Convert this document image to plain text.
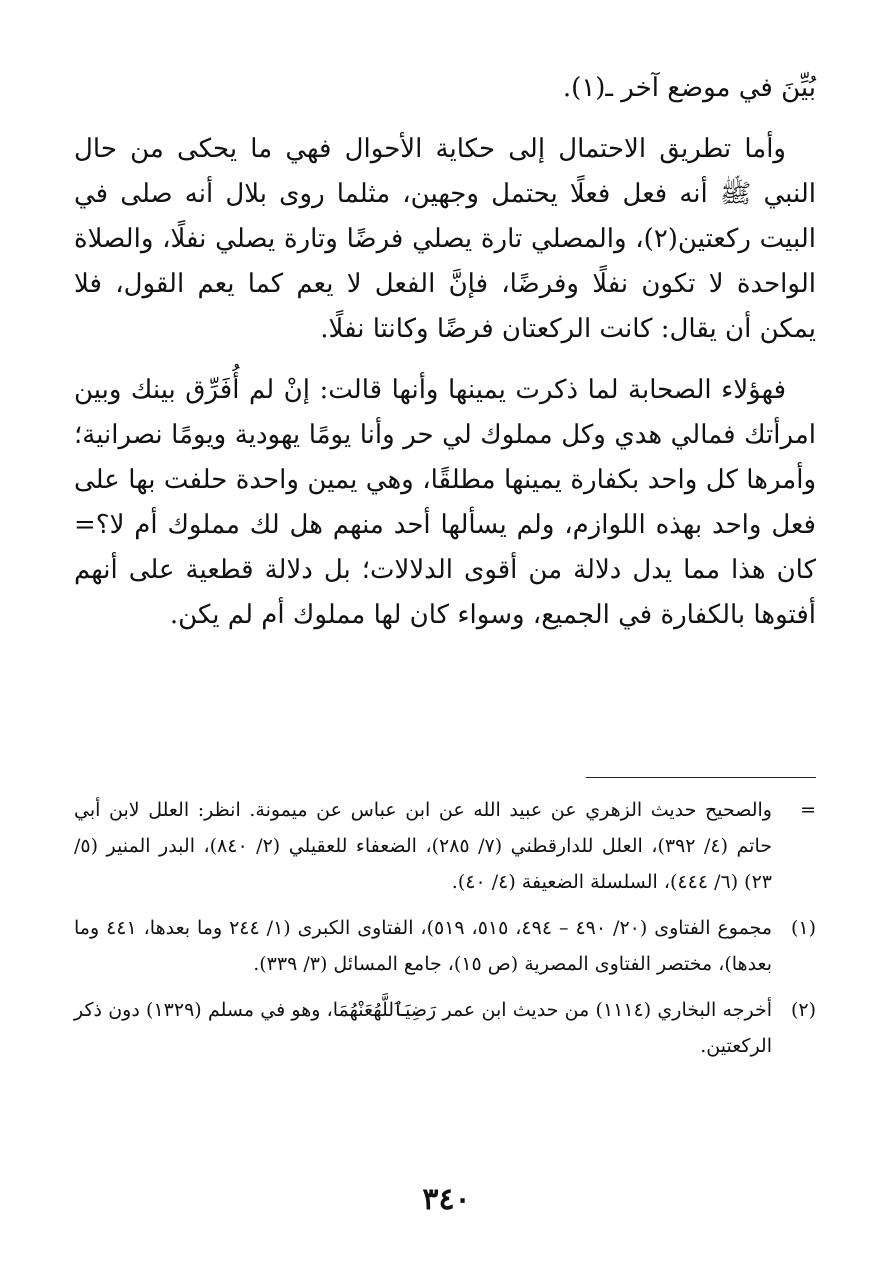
بُيِّنَ في موضع آخر ـ(١).

وأما تطريق الاحتمال إلى حكاية الأحوال فهي ما يحكى من حال النبي ﷺ أنه فعل فعلًا يحتمل وجهين، مثلما روى بلال أنه صلى في البيت ركعتين(٢)، والمصلي تارة يصلي فرضًا وتارة يصلي نفلًا، والصلاة الواحدة لا تكون نفلًا وفرضًا، فإنَّ الفعل لا يعم كما يعم القول، فلا يمكن أن يقال: كانت الركعتان فرضًا وكانتا نفلًا.

فهؤلاء الصحابة لما ذكرت يمينها وأنها قالت: إنْ لم أُفَرِّق بينك وبين امرأتك فمالي هدي وكل مملوك لي حر وأنا يومًا يهودية ويومًا نصرانية؛ وأمرها كل واحد بكفارة يمينها مطلقًا، وهي يمين واحدة حلفت بها على فعل واحد بهذه اللوازم، ولم يسألها أحد منهم هل لك مملوك أم لا؟= كان هذا مما يدل دلالة من أقوى الدلالات؛ بل دلالة قطعية على أنهم أفتوها بالكفارة في الجميع، وسواء كان لها مملوك أم لم يكن.

=
والصحيح حديث الزهري عن عبيد الله عن ابن عباس عن ميمونة. انظر: العلل لابن أبي حاتم (٤/ ٣٩٢)، العلل للدارقطني (٧/ ٢٨٥)، الضعفاء للعقيلي (٢/ ٨٤٠)، البدر المنير (٥/ ٢٣) (٦/ ٤٤٤)، السلسلة الضعيفة (٤/ ٤٠).
(١)
مجموع الفتاوى (٢٠/ ٤٩٠ – ٤٩٤، ٥١٥، ٥١٩)، الفتاوى الكبرى (١/ ٢٤٤ وما بعدها، ٤٤١ وما بعدها)، مختصر الفتاوى المصرية (ص ١٥)، جامع المسائل (٣/ ٣٣٩).
(٢)
أخرجه البخاري (١١١٤) من حديث ابن عمر رَضِيَٱللَّهُعَنْهُمَا، وهو في مسلم (١٣٢٩) دون ذكر الركعتين.
٣٤٠
